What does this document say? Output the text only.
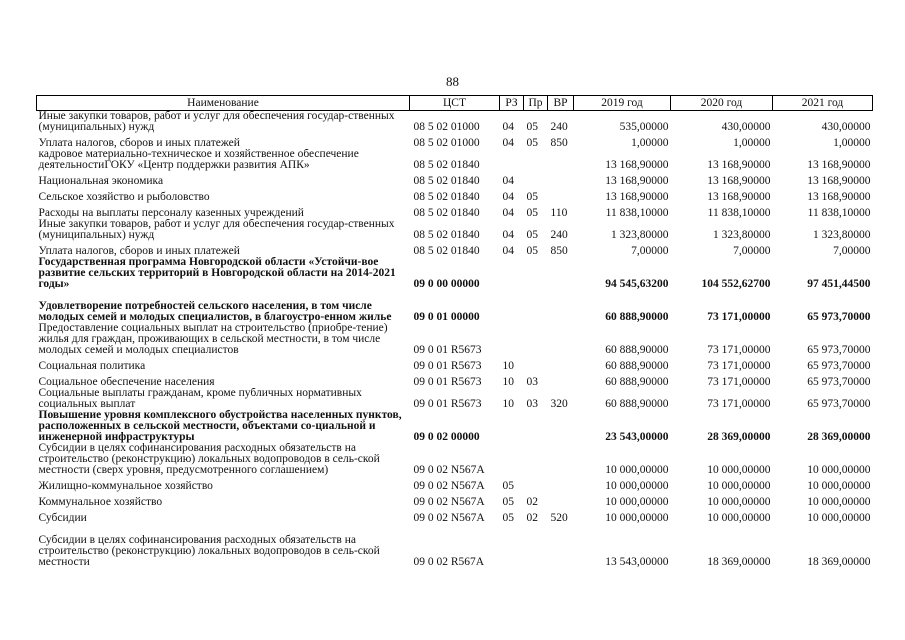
88
Наименование	ЦСТ	РЗ	Пр	ВР	2019 год	2020 год	2021 год
Иные закупки товаров, работ и услуг для обеспечения государ-ственных (муниципальных) нужд	08 5 02 01000	04	05	240	535,00000	430,00000	430,00000
Уплата налогов, сборов и иных платежей	08 5 02 01000	04	05	850	1,00000	1,00000	1,00000
кадровое материально-техническое и хозяйственное обеспечение деятельностиГОКУ «Центр поддержки развития АПК»	08 5 02 01840				13 168,90000	13 168,90000	13 168,90000
Национальная экономика	08 5 02 01840	04			13 168,90000	13 168,90000	13 168,90000
Сельское хозяйство и рыболовство	08 5 02 01840	04	05		13 168,90000	13 168,90000	13 168,90000
Расходы на выплаты персоналу казенных учреждений	08 5 02 01840	04	05	110	11 838,10000	11 838,10000	11 838,10000
Иные закупки товаров, работ и услуг для обеспечения государ-ственных (муниципальных) нужд	08 5 02 01840	04	05	240	1 323,80000	1 323,80000	1 323,80000
Уплата налогов, сборов и иных платежей	08 5 02 01840	04	05	850	7,00000	7,00000	7,00000
Государственная программа Новгородской области «Устойчи-вое развитие сельских территорий в Новгородской области на 2014-2021 годы»	09 0 00 00000				94 545,63200	104 552,62700	97 451,44500
Удовлетворение потребностей сельского населения, в том числе молодых семей и молодых специалистов, в благоустро-енном жилье	09 0 01 00000				60 888,90000	73 171,00000	65 973,70000
Предоставление социальных выплат на строительство (приобре-тение) жилья для граждан, проживающих в сельской местности, в том числе молодых семей и молодых специалистов	09 0 01 R5673				60 888,90000	73 171,00000	65 973,70000
Социальная политика	09 0 01 R5673	10			60 888,90000	73 171,00000	65 973,70000
Социальное обеспечение населения	09 0 01 R5673	10	03		60 888,90000	73 171,00000	65 973,70000
Социальные выплаты гражданам, кроме публичных нормативных социальных выплат	09 0 01 R5673	10	03	320	60 888,90000	73 171,00000	65 973,70000
Повышение уровня комплексного обустройства населенных пунктов, расположенных в сельской местности, объектами со-циальной и инженерной инфраструктуры	09 0 02 00000				23 543,00000	28 369,00000	28 369,00000
Субсидии в целях софинансирования расходных обязательств на строительство (реконструкцию) локальных водопроводов в сель-ской местности (сверх уровня, предусмотренного соглашением)	09 0 02 N567A				10 000,00000	10 000,00000	10 000,00000
Жилищно-коммунальное хозяйство	09 0 02 N567A	05			10 000,00000	10 000,00000	10 000,00000
Коммунальное хозяйство	09 0 02 N567A	05	02		10 000,00000	10 000,00000	10 000,00000
Субсидии	09 0 02 N567A	05	02	520	10 000,00000	10 000,00000	10 000,00000
Субсидии в целях софинансирования расходных обязательств на строительство (реконструкцию) локальных водопроводов в сель-ской местности	09 0 02 R567A				13 543,00000	18 369,00000	18 369,00000
